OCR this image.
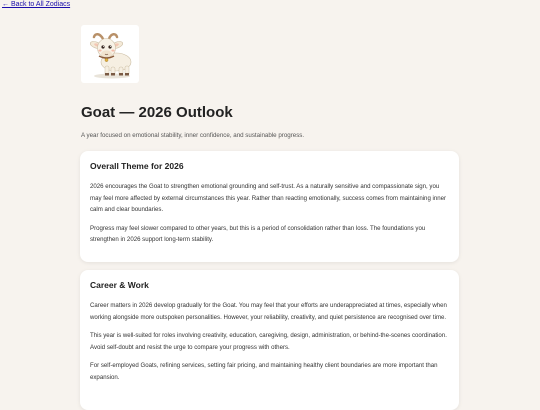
← Back to All Zodiacs
Goat — 2026 Outlook
A year focused on emotional stability, inner confidence, and sustainable progress.
Overall Theme for 2026

2026 encourages the Goat to strengthen emotional grounding and self-trust. As a naturally sensitive and compassionate sign, you may feel more affected by external circumstances this year. Rather than reacting emotionally, success comes from maintaining inner calm and clear boundaries.

Progress may feel slower compared to other years, but this is a period of consolidation rather than loss. The foundations you strengthen in 2026 support long-term stability.

Career & Work

Career matters in 2026 develop gradually for the Goat. You may feel that your efforts are underappreciated at times, especially when working alongside more outspoken personalities. However, your reliability, creativity, and quiet persistence are recognised over time.

This year is well-suited for roles involving creativity, education, caregiving, design, administration, or behind-the-scenes coordination. Avoid self-doubt and resist the urge to compare your progress with others.

For self-employed Goats, refining services, setting fair pricing, and maintaining healthy client boundaries are more important than expansion.
